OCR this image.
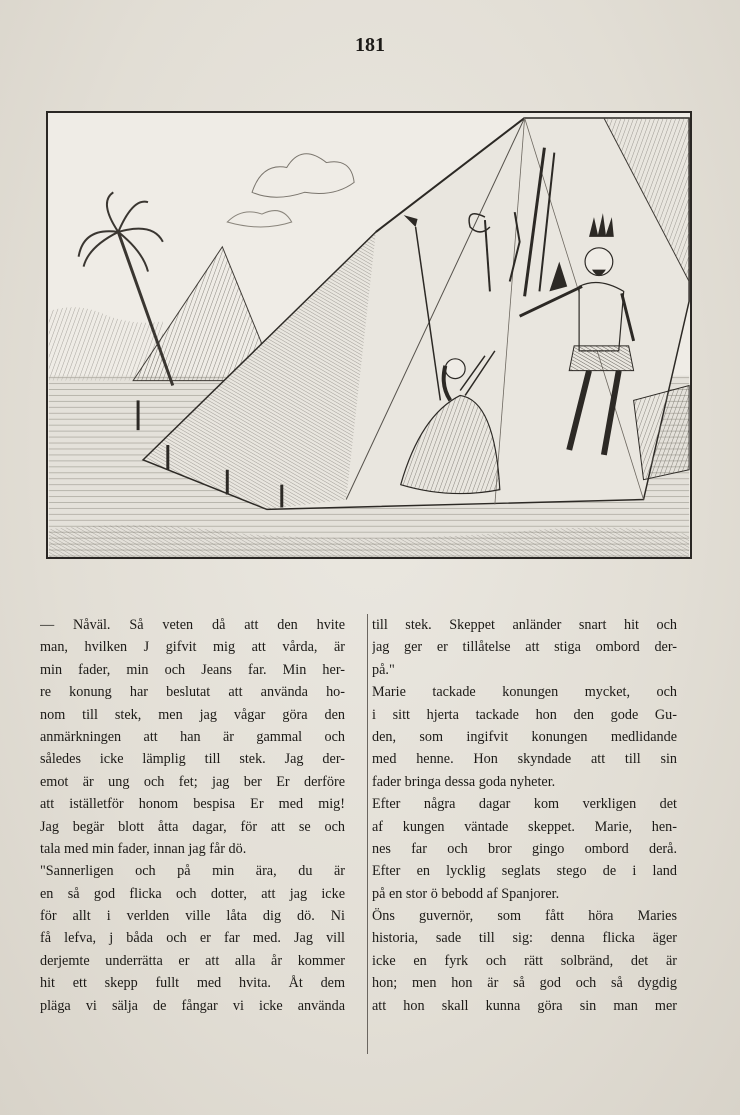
181
— Nåväl. Så veten då att den hvite
man, hvilken J gifvit mig att vårda, är
min fader, min och Jeans far. Min her-
re konung har beslutat att använda ho-
nom till stek, men jag vågar göra den
anmärkningen att han är gammal och
således icke lämplig till stek. Jag der-
emot är ung och fet; jag ber Er derföre
att iställetför honom bespisa Er med mig!
Jag begär blott åtta dagar, för att se och
tala med min fader, innan jag får dö.
"Sannerligen och på min ära, du är
en så god flicka och dotter, att jag icke
för allt i verlden ville låta dig dö. Ni
få lefva, j båda och er far med. Jag vill
derjemte underrätta er att alla år kommer
hit ett skepp fullt med hvita. Åt dem
pläga vi sälja de fångar vi icke använda
till stek. Skeppet anländer snart hit och
jag ger er tillåtelse att stiga ombord der-
på."
Marie tackade konungen mycket, och
i sitt hjerta tackade hon den gode Gu-
den, som ingifvit konungen medlidande
med henne. Hon skyndade att till sin
fader bringa dessa goda nyheter.
Efter några dagar kom verkligen det
af kungen väntade skeppet. Marie, hen-
nes far och bror gingo ombord derå.
Efter en lycklig seglats stego de i land
på en stor ö bebodd af Spanjorer.
Öns guvernör, som fått höra Maries
historia, sade till sig: denna flicka äger
icke en fyrk och rätt solbränd, det är
hon; men hon är så god och så dygdig
att hon skall kunna göra sin man mer
